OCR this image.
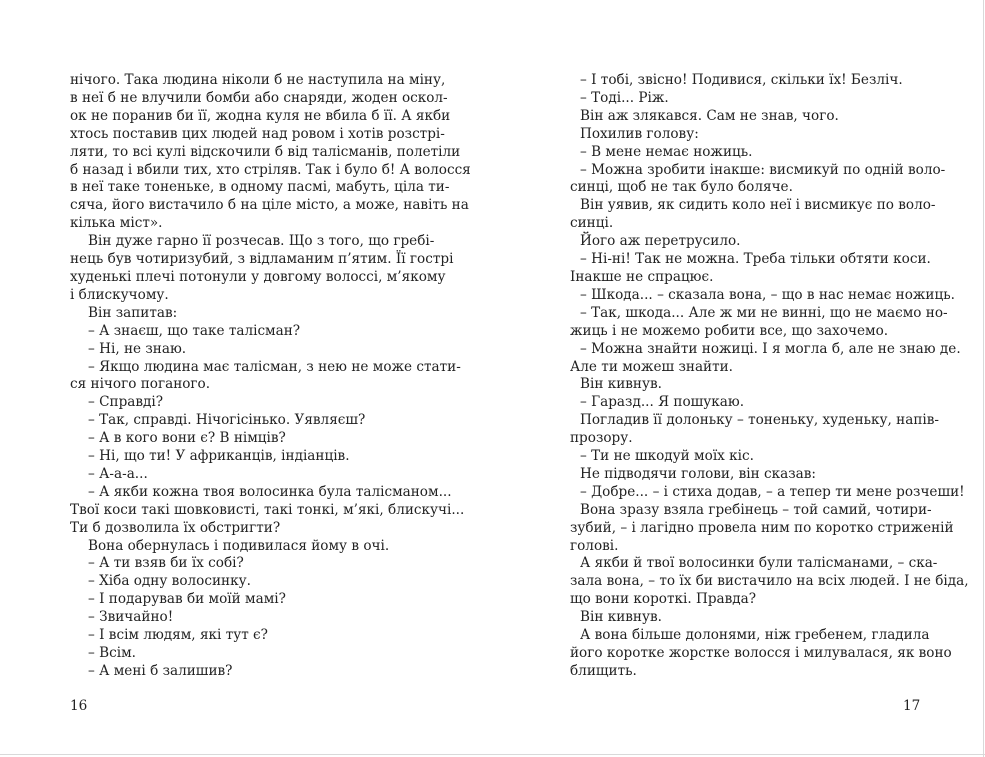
нічого. Така людина ніколи б не наступила на міну,
в неї б не влучили бомби або снаряди, жоден оскол-
ок не поранив би її, жодна куля не вбила б її. А якби
хтось поставив цих людей над ровом і хотів розстрі-
ляти, то всі кулі відскочили б від талісманів, полетіли
б назад і вбили тих, хто стріляв. Так і було б! А волосся
в неї таке тоненьке, в одному пасмі, мабуть, ціла ти-
сяча, його вистачило б на ціле місто, а може, навіть на
кілька міст».
Він дуже гарно її розчесав. Що з того, що гребі-
нець був чотиризубий, з відламаним п’ятим. Її гострі
худенькі плечі потонули у довгому волоссі, м’якому
і блискучому.
Він запитав:
– А знаєш, що таке талісман?
– Ні, не знаю.
– Якщо людина має талісман, з нею не може стати-
ся нічого поганого.
– Справді?
– Так, справді. Нічогісінько. Уявляєш?
– А в кого вони є? В німців?
– Ні, що ти! У африканців, індіанців.
– А-а-а...
– А якби кожна твоя волосинка була талісманом...
Твої коси такі шовковисті, такі тонкі, м’які, блискучі...
Ти б дозволила їх обстригти?
Вона обернулась і подивилася йому в очі.
– А ти взяв би їх собі?
– Хіба одну волосинку.
– І подарував би моїй мамі?
– Звичайно!
– І всім людям, які тут є?
– Всім.
– А мені б залишив?
– І тобі, звісно! Подивися, скільки їх! Безліч.
– Тоді... Ріж.
Він аж злякався. Сам не знав, чого.
Похилив голову:
– В мене немає ножиць.
– Можна зробити інакше: висмикуй по одній воло-
синці, щоб не так було боляче.
Він уявив, як сидить коло неї і висмикує по воло-
синці.
Його аж перетрусило.
– Ні-ні! Так не можна. Треба тільки обтяти коси.
Інакше не спрацює.
– Шкода... – сказала вона, – що в нас немає ножиць.
– Так, шкода... Але ж ми не винні, що не маємо но-
жиць і не можемо робити все, що захочемо.
– Можна знайти ножиці. І я могла б, але не знаю де.
Але ти можеш знайти.
Він кивнув.
– Гаразд... Я пошукаю.
Погладив її долоньку – тоненьку, худеньку, напів-
прозору.
– Ти не шкодуй моїх кіс.
Не підводячи голови, він сказав:
– Добре... – і стиха додав, – а тепер ти мене розчеши!
Вона зразу взяла гребінець – той самий, чотири-
зубий, – і лагідно провела ним по коротко стриженій
голові.
А якби й твої волосинки були талісманами, – ска-
зала вона, – то їх би вистачило на всіх людей. І не біда,
що вони короткі. Правда?
Він кивнув.
А вона більше долонями, ніж гребенем, гладила
його коротке жорстке волосся і милувалася, як воно
блищить.
16	17
